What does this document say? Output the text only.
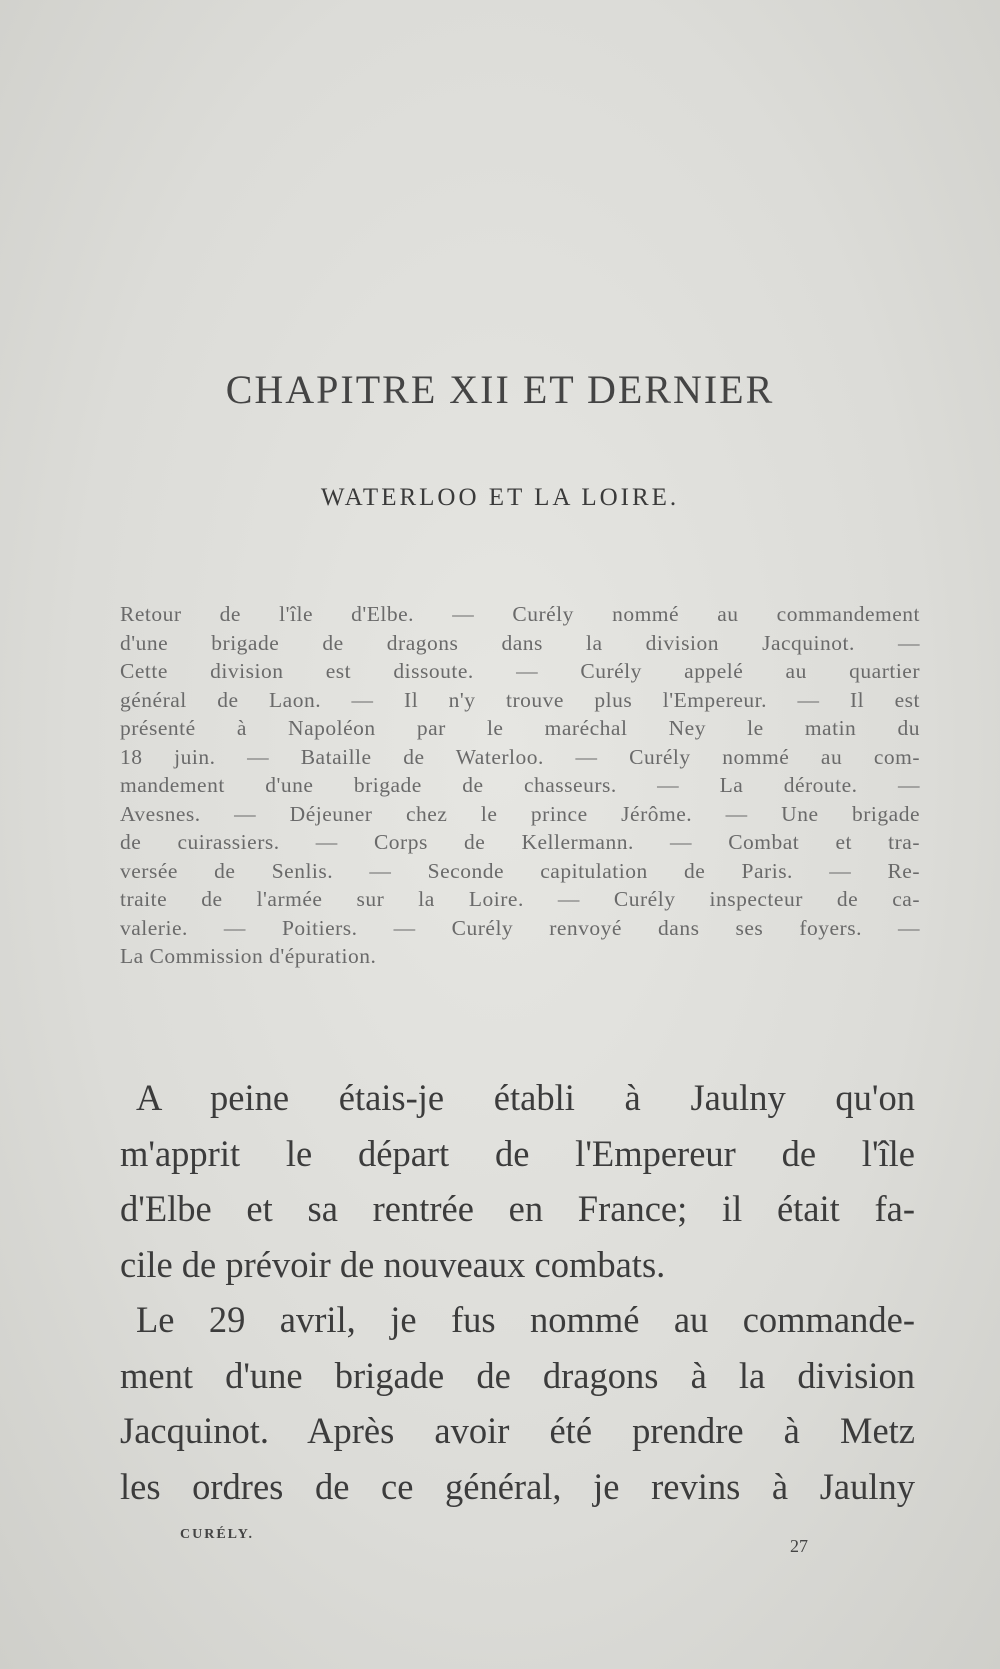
CHAPITRE XII ET DERNIER
WATERLOO ET LA LOIRE.
Retour de l'île d'Elbe. — Curély nommé au commandement
d'une brigade de dragons dans la division Jacquinot. —
Cette division est dissoute. — Curély appelé au quartier
général de Laon. — Il n'y trouve plus l'Empereur. — Il est
présenté à Napoléon par le maréchal Ney le matin du
18 juin. — Bataille de Waterloo. — Curély nommé au com-
mandement d'une brigade de chasseurs. — La déroute. —
Avesnes. — Déjeuner chez le prince Jérôme. — Une brigade
de cuirassiers. — Corps de Kellermann. — Combat et tra-
versée de Senlis. — Seconde capitulation de Paris. — Re-
traite de l'armée sur la Loire. — Curély inspecteur de ca-
valerie. — Poitiers. — Curély renvoyé dans ses foyers. —
La Commission d'épuration.
A peine étais-je établi à Jaulny qu'on
m'apprit le départ de l'Empereur de l'île
d'Elbe et sa rentrée en France; il était fa-
cile de prévoir de nouveaux combats.
Le 29 avril, je fus nommé au commande-
ment d'une brigade de dragons à la division
Jacquinot. Après avoir été prendre à Metz
les ordres de ce général, je revins à Jaulny
CURÉLY.
27
